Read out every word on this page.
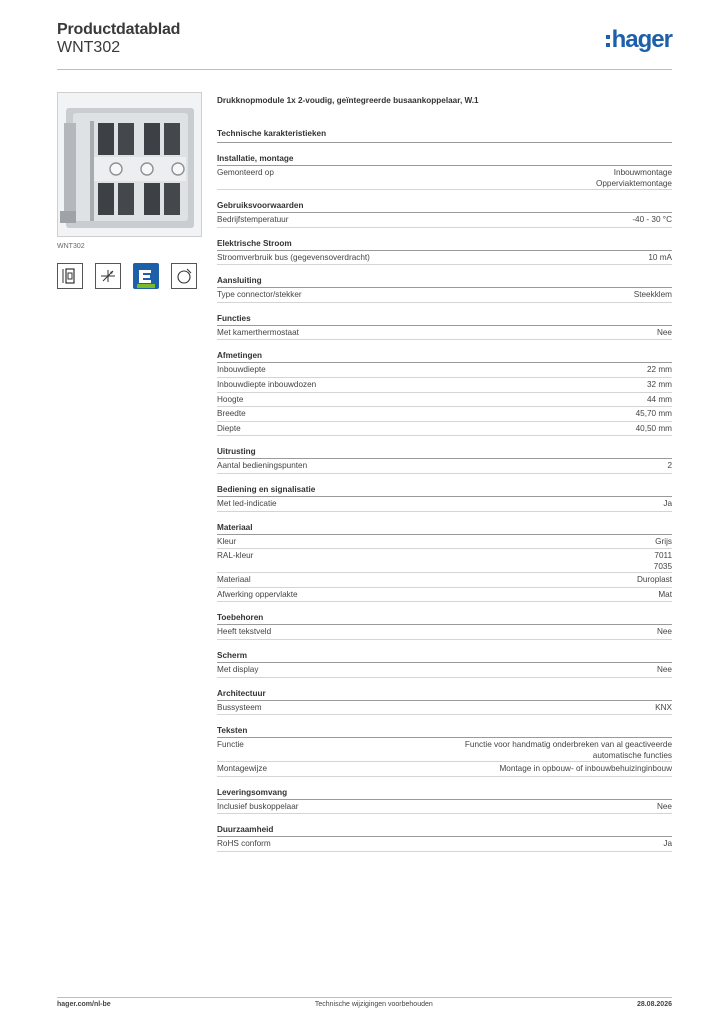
Productdatablad
WNT302	hager
WNT302
Drukknopmodule 1x 2-voudig, geïntegreerde busaankoppelaar, W.1
Technische karakteristieken
Installatie, montage
Gemonteerd op	Inbouwmontage
Opperviaktemontage
Gebruiksvoorwaarden
Bedrijfstemperatuur	-40 - 30 °C
Elektrische Stroom
Stroomverbruik bus (gegevensoverdracht)	10 mA
Aansluiting
Type connector/stekker	Steekklem
Functies
Met kamerthermostaat	Nee
Afmetingen
Inbouwdiepte	22 mm
Inbouwdiepte inbouwdozen	32 mm
Hoogte	44 mm
Breedte	45,70 mm
Diepte	40,50 mm
Uitrusting
Aantal bedieningspunten	2
Bediening en signalisatie
Met led-indicatie	Ja
Materiaal
Kleur	Grijs
RAL-kleur	7011
7035
Materiaal	Duroplast
Afwerking oppervlakte	Mat
Toebehoren
Heeft tekstveld	Nee
Scherm
Met display	Nee
Architectuur
Bussysteem	KNX
Teksten
Functie	Functie voor handmatig onderbreken van al geactiveerde
automatische functies
Montagewijze	Montage in opbouw- of inbouwbehuizinginbouw
Leveringsomvang
Inclusief buskoppelaar	Nee
Duurzaamheid
RoHS conform	Ja
hager.com/nl-be	Technische wijzigingen voorbehouden	28.08.2026
